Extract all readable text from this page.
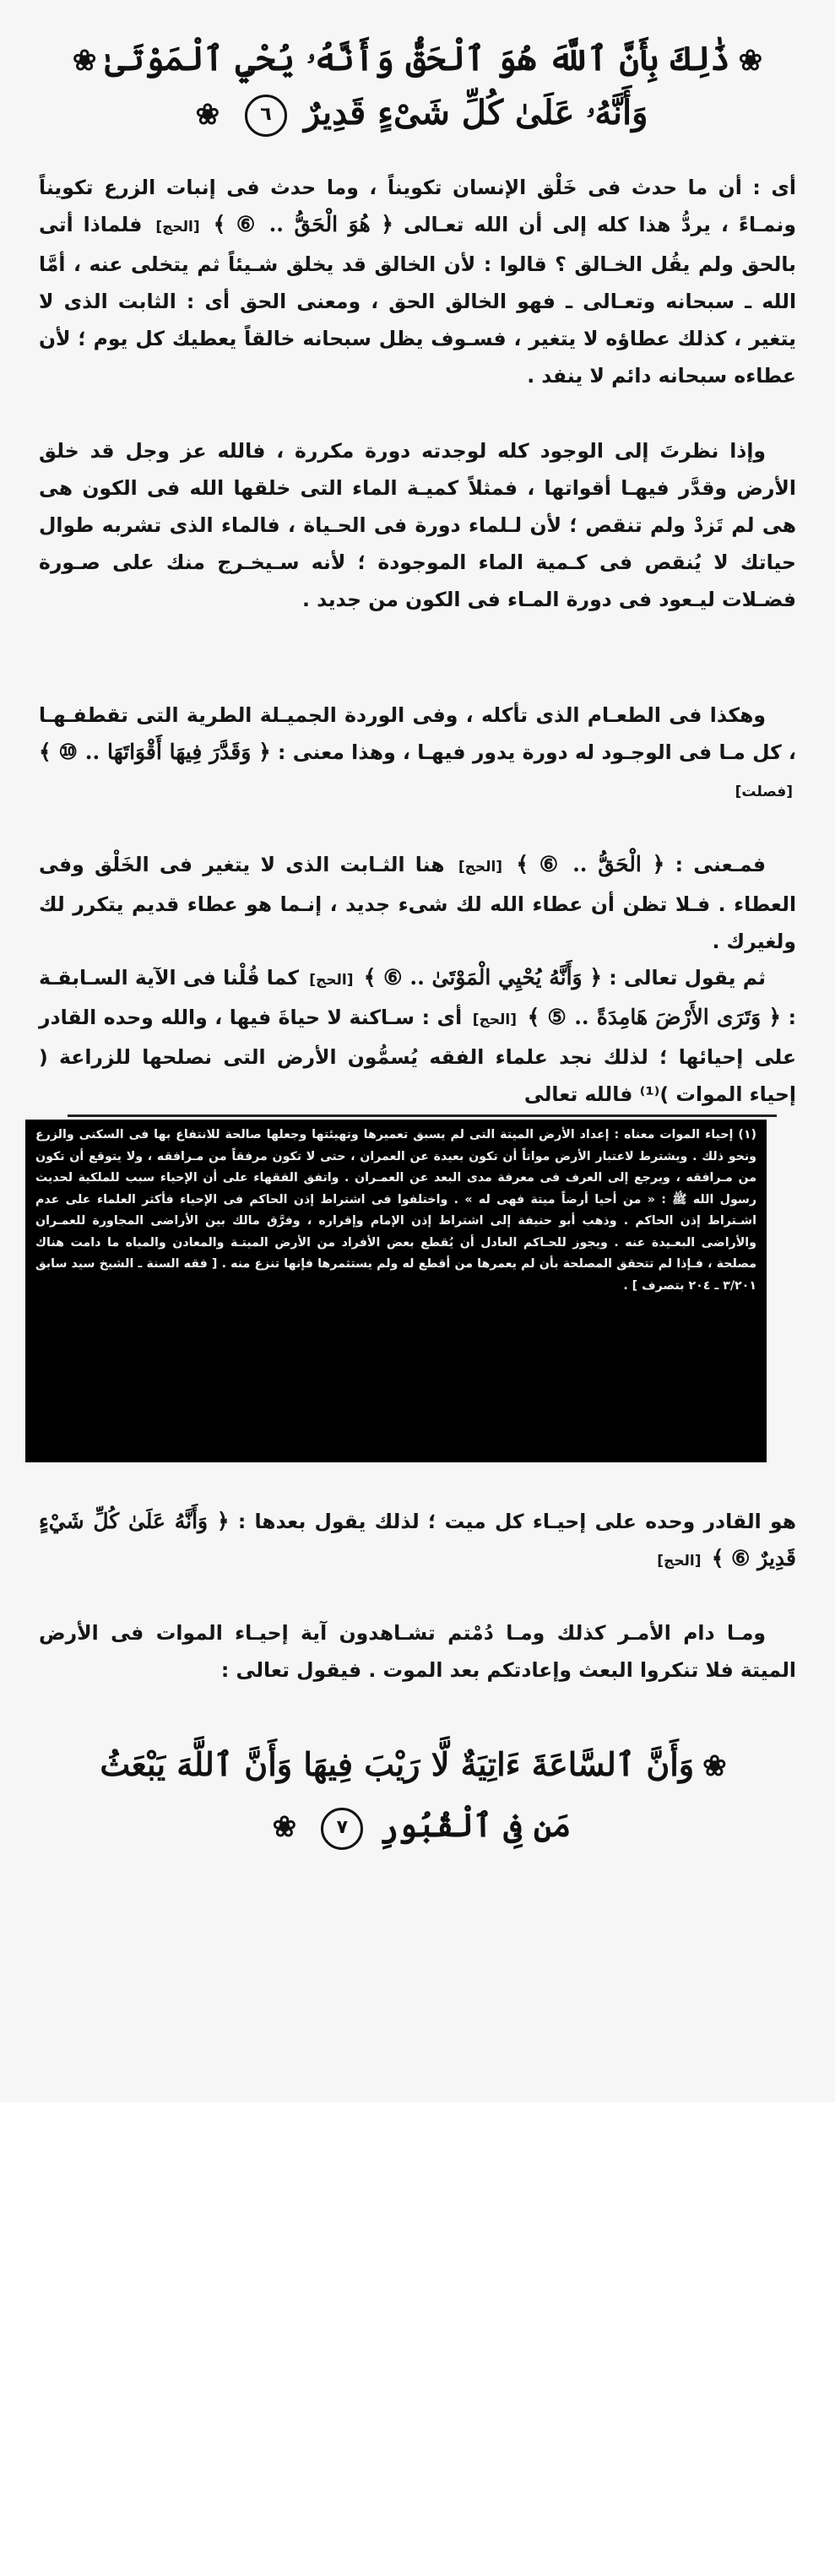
❀ذَٰلِكَ بِأَنَّ ٱللَّهَ هُوَ ٱلْحَقُّ وَأَنَّهُۥ يُحْيِ ٱلْمَوْتَىٰ❀
وَأَنَّهُۥ عَلَىٰ كُلِّ شَىْءٍ قَدِيرٌ ٦ ❀
أى : أن ما حدث فى خَلْق الإنسان تكويناً ، وما حدث فى إنبات الزرع تكويناً ونمـاءً ، يردُّ هذا كله إلى أن الله تعـالى ﴿ هُوَ الْحَقُّ .. ⑥ ﴾ [الحج] فلماذا أتى بالحق ولم يقُل الخـالق ؟ قالوا : لأن الخالق قد يخلق شـيئاً ثم يتخلى عنه ، أمَّا الله ـ سبحانه وتعـالى ـ فهو الخالق الحق ، ومعنى الحق أى : الثابت الذى لا يتغير ، كذلك عطاؤه لا يتغير ، فسـوف يظل سبحانه خالقاً يعطيك كل يوم ؛ لأن عطاءه سبحانه دائم لا ينفد .
وإذا نظرتَ إلى الوجود كله لوجدته دورة مكررة ، فالله عز وجل قد خلق الأرض وقدَّر فيهـا أقواتها ، فمثلاً كميـة الماء التى خلقها الله فى الكون هى هى لم تَزدْ ولم تنقص ؛ لأن لـلماء دورة فى الحـياة ، فالماء الذى تشربه طوال حياتك لا يُنقص فى كـمية الماء الموجودة ؛ لأنه سـيخـرج منك على صـورة فضـلات ليـعود فى دورة المـاء فى الكون من جديد .
وهكذا فى الطعـام الذى تأكله ، وفى الوردة الجميـلة الطرية التى تقطفـهـا ، كل مـا فى الوجـود له دورة يدور فيهـا ، وهذا معنى : ﴿ وَقَدَّرَ فِيهَا أَقْوَاتَهَا .. ⑩ ﴾ [فصلت]
فمـعنى : ﴿ الْحَقُّ .. ⑥ ﴾ [الحج] هنا الثـابت الذى لا يتغير فى الخَلْق وفى العطاء . فـلا تظن أن عطاء الله لك شىء جديد ، إنـما هو عطاء قديم يتكرر لك ولغيرك .
ثم يقول تعالى : ﴿ وَأَنَّهُ يُحْيِي الْمَوْتَىٰ .. ⑥ ﴾ [الحج] كما قُلْنا فى الآية السـابقـة : ﴿ وَتَرَى الأَرْضَ هَامِدَةً .. ⑤ ﴾ [الحج] أى : سـاكنة لا حياةَ فيها ، والله وحده القادر على إحيائها ؛ لذلك نجد علماء الفقه يُسمُّون الأرض التى نصلحها للزراعة ( إحياء الموات )⁽¹⁾ فالله تعالى
(١) إحياء الموات معناه : إعداد الأرض الميتة التى لم يسبق تعميرها وتهيئتها وجعلها صالحة للانتفاع بها فى السكنى والزرع ونحو ذلك . ويشترط لاعتبار الأرض مواتاً أن تكون بعيدة عن العمران ، حتى لا تكون مرفقاً من مـرافقه ، ولا يتوقع أن تكون من مـرافقه ، ويرجع إلى العرف فى معرفة مدى البعد عن العمـران . واتفق الفقهاء على أن الإحياء سبب للملكية لحديث رسول الله ﷺ : « من أحيا أرضاً ميتة فهى له » . واختلفوا فى اشتراط إذن الحاكم فى الإحياء فأكثر العلماء على عدم اشـتراط إذن الحاكم . وذهب أبو حنيفة إلى اشتراط إذن الإمام وإقراره ، وفرَّق مالك بين الأراضى المجاورة للعمـران والأراضى البعـيدة عنه . ويجوز للحـاكم العادل أن يُقطع بعض الأفراد من الأرض الميتـة والمعادن والمياه ما دامت هناك مصلحة ، فـإذا لم تتحقق المصلحة بأن لم يعمرها من أقطع له ولم يستثمرها فإنها تنزع منه . [ فقه السنة ـ الشيخ سيد سابق ٣/٢٠١ ـ ٢٠٤ بتصرف ] .
هو القادر وحده على إحيـاء كل ميت ؛ لذلك يقول بعدها : ﴿ وَأَنَّهُ عَلَىٰ كُلِّ شَيْءٍ قَدِيرٌ ⑥ ﴾ [الحج]
ومـا دام الأمـر كذلك ومـا دُمْتم تشـاهدون آية إحيـاء الموات فى الأرض الميتة فلا تنكروا البعث وإعادتكم بعد الموت . فيقول تعالى :
❀وَأَنَّ ٱلسَّاعَةَ ءَاتِيَةٌ لَّا رَيْبَ فِيهَا وَأَنَّ ٱللَّهَ يَبْعَثُ
مَن فِى ٱلْقُبُورِ ٧ ❀
